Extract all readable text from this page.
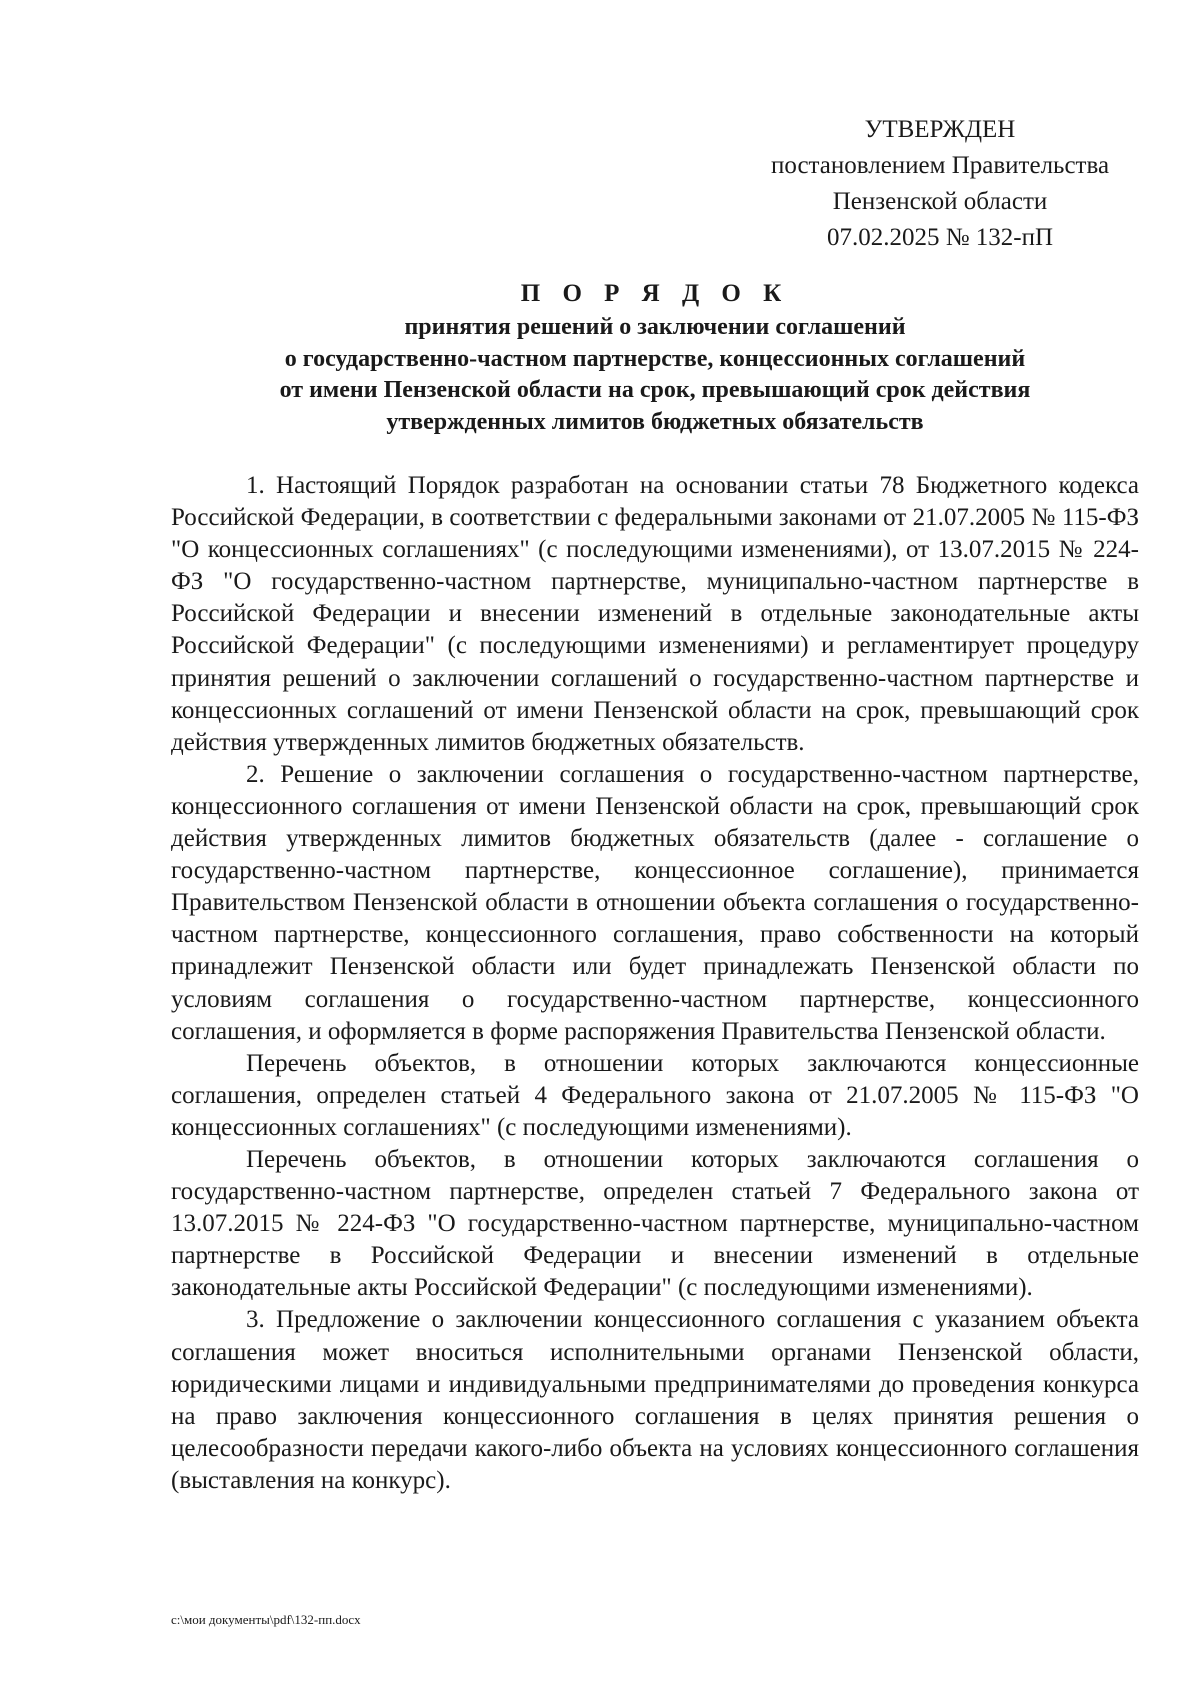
УТВЕРЖДЕН
постановлением Правительства
Пензенской области
07.02.2025 № 132-пП
П О Р Я Д О К
принятия решений о заключении соглашений
о государственно-частном партнерстве, концессионных соглашений
от имени Пензенской области на срок, превышающий срок действия
утвержденных лимитов бюджетных обязательств

1. Настоящий Порядок разработан на основании статьи 78 Бюджетного кодекса Российской Федерации, в соответствии с федеральными законами от 21.07.2005 № 115-ФЗ "О концессионных соглашениях" (с последующими изменениями), от 13.07.2015 № 224-ФЗ "О государственно-частном партнерстве, муниципально-частном партнерстве в Российской Федерации и внесении изменений в отдельные законодательные акты Российской Федерации" (с последующими изменениями) и регламентирует процедуру принятия решений о заключении соглашений о государственно-частном партнерстве и концессионных соглашений от имени Пензенской области на срок, превышающий срок действия утвержденных лимитов бюджетных обязательств.

2. Решение о заключении соглашения о государственно-частном партнерстве, концессионного соглашения от имени Пензенской области на срок, превышающий срок действия утвержденных лимитов бюджетных обязательств (далее - соглашение о государственно-частном партнерстве, концессионное соглашение), принимается Правительством Пензенской области в отношении объекта соглашения о государственно-частном партнерстве, концессионного соглашения, право собственности на который принадлежит Пензенской области или будет принадлежать Пензенской области по условиям соглашения о государственно-частном партнерстве, концессионного соглашения, и оформляется в форме распоряжения Правительства Пензенской области.

Перечень объектов, в отношении которых заключаются концессионные соглашения, определен статьей 4 Федерального закона от 21.07.2005 № 115-ФЗ "О концессионных соглашениях" (с последующими изменениями).

Перечень объектов, в отношении которых заключаются соглашения о государственно-частном партнерстве, определен статьей 7 Федерального закона от 13.07.2015 № 224-ФЗ "О государственно-частном партнерстве, муниципально-частном партнерстве в Российской Федерации и внесении изменений в отдельные законодательные акты Российской Федерации" (с последующими изменениями).

3. Предложение о заключении концессионного соглашения с указанием объекта соглашения может вноситься исполнительными органами Пензенской области, юридическими лицами и индивидуальными предпринимателями до проведения конкурса на право заключения концессионного соглашения в целях принятия решения о целесообразности передачи какого-либо объекта на условиях концессионного соглашения (выставления на конкурс).

c:\мои документы\pdf\132-пп.docx
